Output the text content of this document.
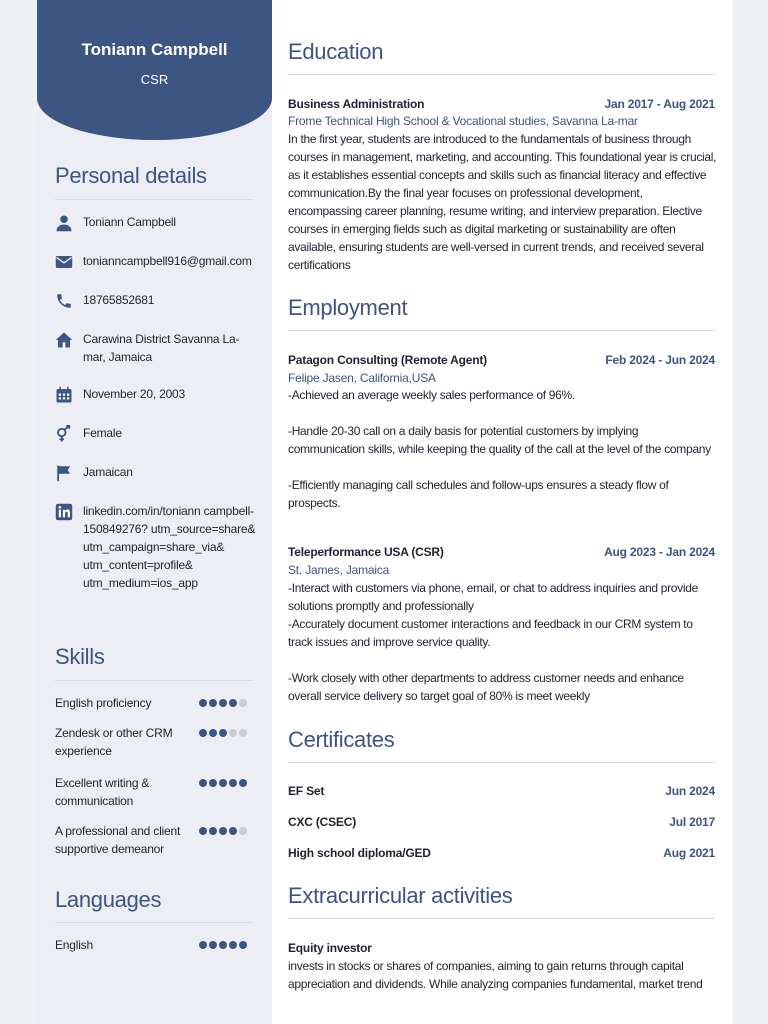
Toniann Campbell
CSR
Personal details
Toniann Campbell
toniann​campbell916@gmail.com
18765852681
Carawina District Savanna La-mar, Jamaica
November 20, 2003
Female
Jamaican
linkedin.com/in/toniann campbell-150849276? utm_source=share& utm_campaign=share_via& utm_content=profile& utm_medium=ios_app
Skills
English proficiency
Zendesk or other CRM experience
Excellent writing & communication
A professional and client supportive demeanor
Languages
English
Education
Business Administration	Jan 2017 - Aug 2021
Frome Technical High School & Vocational studies, Savanna La-mar
In the first year, students are introduced to the fundamentals of business through courses in management, marketing, and accounting. This foundational year is crucial, as it establishes essential concepts and skills such as financial literacy and effective communication.By the final year focuses on professional development, encompassing career planning, resume writing, and interview preparation. Elective courses in emerging fields such as digital marketing or sustainability are often available, ensuring students are well-versed in current trends, and received several certifications
Employment
Patagon Consulting (Remote Agent)	Feb 2024 - Jun 2024
Felipe Jasen, California,USA
-Achieved an average weekly sales performance of 96%.

-Handle 20-30 call on a daily basis for potential customers by implying communication skills, while keeping the quality of the call at the level of the company

-Efficiently managing call schedules and follow-ups ensures a steady flow of prospects.
Teleperformance USA (CSR)	Aug 2023 - Jan 2024
St. James, Jamaica
-Interact with customers via phone, email, or chat to address inquiries and provide solutions promptly and professionally
-Accurately document customer interactions and feedback in our CRM system to track issues and improve service quality.

-Work closely with other departments to address customer needs and enhance overall service delivery so target goal of 80% is meet weekly
Certificates
EF Set	Jun 2024
CXC (CSEC)	Jul 2017
High school diploma/GED	Aug 2021
Extracurricular activities
Equity investor
invests in stocks or shares of companies, aiming to gain returns through capital appreciation and dividends. While analyzing companies fundamental, market trend
